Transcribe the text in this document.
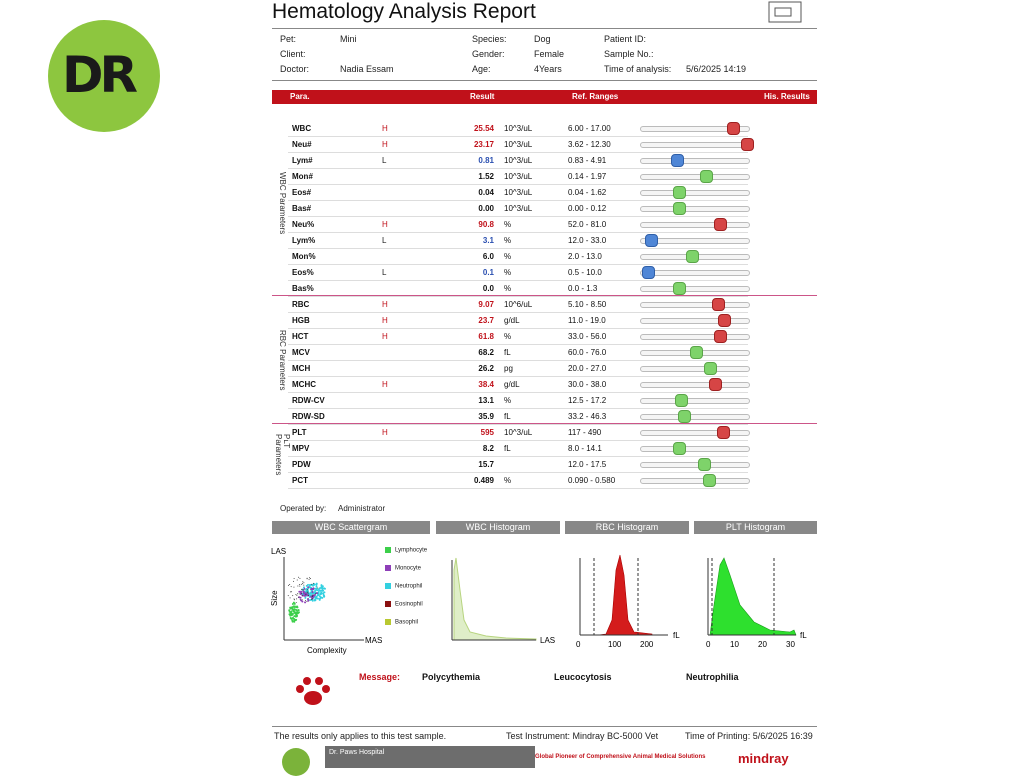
DR
Hematology Analysis Report
Pet:	Mini
Client:
Doctor:	Nadia Essam
Species:	Dog
Gender:	Female
Age:	4Years
Patient ID:
Sample No.:
Time of analysis: 5/6/2025 14:19
Para.	Result	Ref. Ranges	His. Results
WBC Parameters
RBC Parameters
PLT Parameters
WBC	H	25.54 10^3/uL	6.00 - 17.00
Neu#	H	23.17 10^3/uL	3.62 - 12.30
Lym#	L	0.81 10^3/uL	0.83 - 4.91
Mon#	1.52 10^3/uL	0.14 - 1.97
Eos#	0.04 10^3/uL	0.04 - 1.62
Bas#	0.00 10^3/uL	0.00 - 0.12
Neu%	H	90.8 %	52.0 - 81.0
Lym%	L	3.1 %	12.0 - 33.0
Mon%	6.0 %	2.0 - 13.0
Eos%	L	0.1 %	0.5 - 10.0
Bas%	0.0 %	0.0 - 1.3
RBC	H	9.07 10^6/uL	5.10 - 8.50
HGB	H	23.7 g/dL	11.0 - 19.0
HCT	H	61.8 %	33.0 - 56.0
MCV	68.2 fL	60.0 - 76.0
MCH	26.2 pg	20.0 - 27.0
MCHC	H	38.4 g/dL	30.0 - 38.0
RDW-CV	13.1 %	12.5 - 17.2
RDW-SD	35.9 fL	33.2 - 46.3
PLT	H	595 10^3/uL	117 - 490
MPV	8.2 fL	8.0 - 14.1
PDW	15.7	12.0 - 17.5
PCT	0.489 %	0.090 - 0.580
Operated by: Administrator
WBC Scattergram	WBC Histogram	RBC Histogram	PLT Histogram
LAS
Size
Complexity
MAS
Lymphocyte
Monocyte
Neutrophil
Eosinophil
Basophil
LAS	0	100 200
fL
0 10 20 30
fL
Message: Polycythemia	Leucocytosis	Neutrophilia
The results only applies to this test sample.	Test Instrument: Mindray BC-5000 Vet	Time of Printing: 5/6/2025 16:39
Dr. Paws Hospital
Global Pioneer of Comprehensive Animal Medical Solutions	mindray
